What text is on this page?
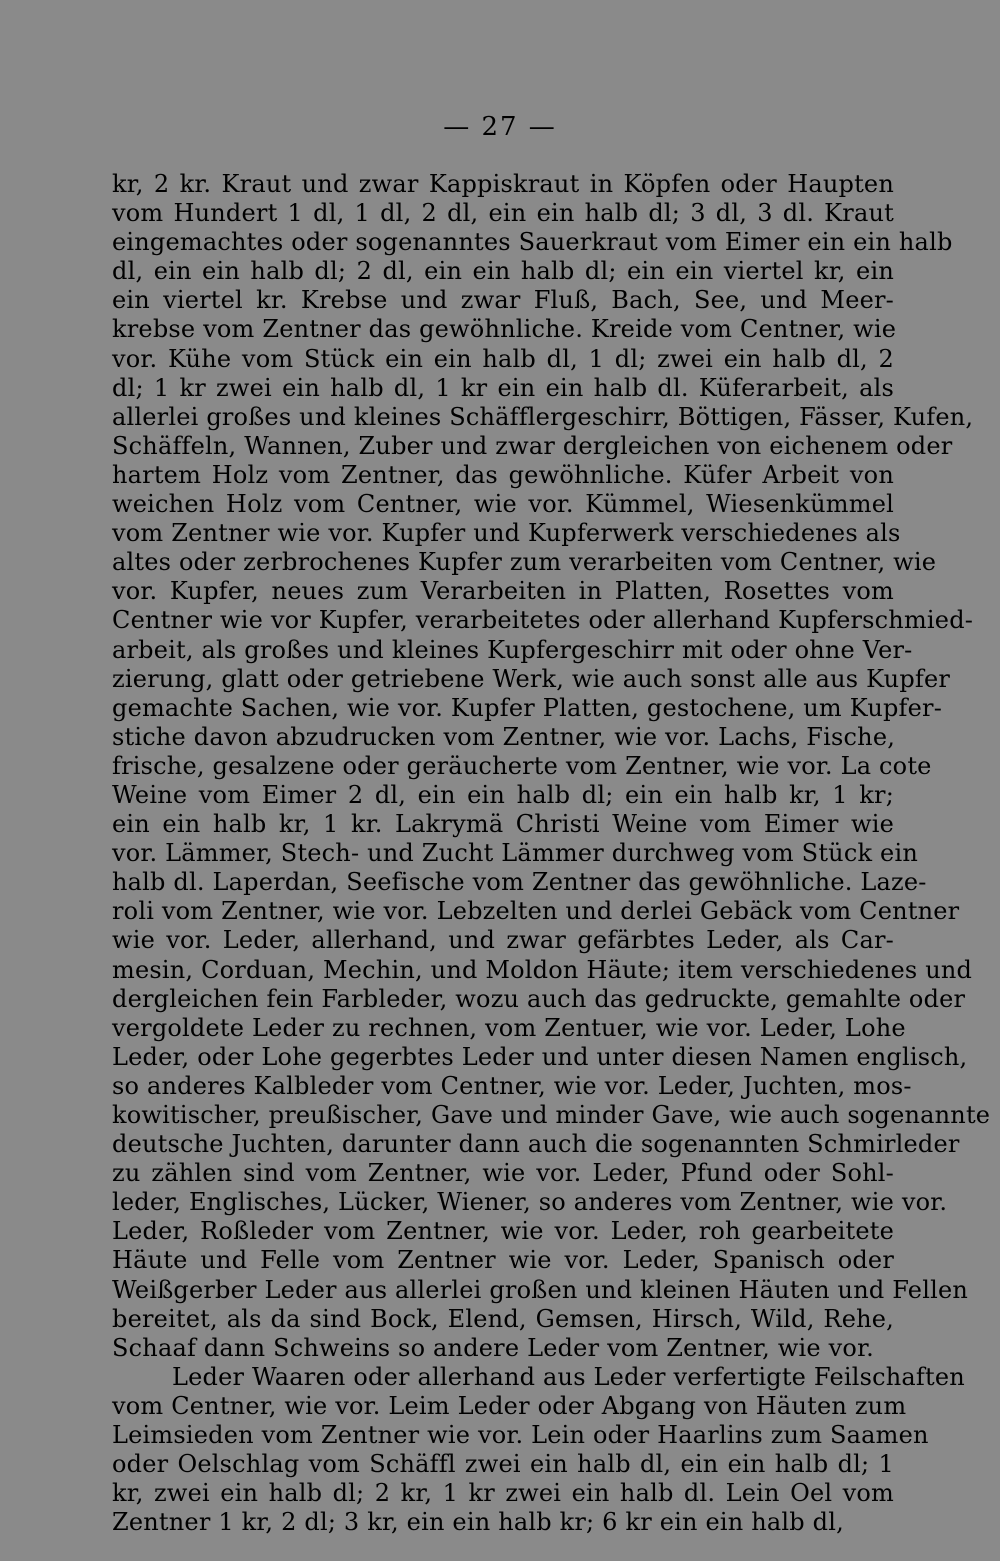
— 27 —
kr, 2 kr. Kraut und zwar Kappiskraut in Köpfen oder Haupten
vom Hundert 1 dl, 1 dl, 2 dl, ein ein halb dl; 3 dl, 3 dl. Kraut
eingemachtes oder sogenanntes Sauerkraut vom Eimer ein ein halb
dl, ein ein halb dl; 2 dl, ein ein halb dl; ein ein viertel kr, ein
ein viertel kr. Krebse und zwar Fluß, Bach, See, und Meer-
krebse vom Zentner das gewöhnliche. Kreide vom Centner, wie
vor. Kühe vom Stück ein ein halb dl, 1 dl; zwei ein halb dl, 2
dl; 1 kr zwei ein halb dl, 1 kr ein ein halb dl. Küferarbeit, als
allerlei großes und kleines Schäfflergeschirr, Böttigen, Fässer, Kufen,
Schäffeln, Wannen, Zuber und zwar dergleichen von eichenem oder
hartem Holz vom Zentner, das gewöhnliche. Küfer Arbeit von
weichen Holz vom Centner, wie vor. Kümmel, Wiesenkümmel
vom Zentner wie vor. Kupfer und Kupferwerk verschiedenes als
altes oder zerbrochenes Kupfer zum verarbeiten vom Centner, wie
vor. Kupfer, neues zum Verarbeiten in Platten, Rosettes vom
Centner wie vor Kupfer, verarbeitetes oder allerhand Kupferschmied-
arbeit, als großes und kleines Kupfergeschirr mit oder ohne Ver-
zierung, glatt oder getriebene Werk, wie auch sonst alle aus Kupfer
gemachte Sachen, wie vor. Kupfer Platten, gestochene, um Kupfer-
stiche davon abzudrucken vom Zentner, wie vor. Lachs, Fische,
frische, gesalzene oder geräucherte vom Zentner, wie vor. La cote
Weine vom Eimer 2 dl, ein ein halb dl; ein ein halb kr, 1 kr;
ein ein halb kr, 1 kr. Lakrymä Christi Weine vom Eimer wie
vor. Lämmer, Stech- und Zucht Lämmer durchweg vom Stück ein
halb dl. Laperdan, Seefische vom Zentner das gewöhnliche. Laze-
roli vom Zentner, wie vor. Lebzelten und derlei Gebäck vom Centner
wie vor. Leder, allerhand, und zwar gefärbtes Leder, als Car-
mesin, Corduan, Mechin, und Moldon Häute; item verschiedenes und
dergleichen fein Farbleder, wozu auch das gedruckte, gemahlte oder
vergoldete Leder zu rechnen, vom Zentuer, wie vor. Leder, Lohe
Leder, oder Lohe gegerbtes Leder und unter diesen Namen englisch,
so anderes Kalbleder vom Centner, wie vor. Leder, Juchten, mos-
kowitischer, preußischer, Gave und minder Gave, wie auch sogenannte
deutsche Juchten, darunter dann auch die sogenannten Schmirleder
zu zählen sind vom Zentner, wie vor. Leder, Pfund oder Sohl-
leder, Englisches, Lücker, Wiener, so anderes vom Zentner, wie vor.
Leder, Roßleder vom Zentner, wie vor. Leder, roh gearbeitete
Häute und Felle vom Zentner wie vor. Leder, Spanisch oder
Weißgerber Leder aus allerlei großen und kleinen Häuten und Fellen
bereitet, als da sind Bock, Elend, Gemsen, Hirsch, Wild, Rehe,
Schaaf dann Schweins so andere Leder vom Zentner, wie vor.
Leder Waaren oder allerhand aus Leder verfertigte Feilschaften
vom Centner, wie vor. Leim Leder oder Abgang von Häuten zum
Leimsieden vom Zentner wie vor. Lein oder Haarlins zum Saamen
oder Oelschlag vom Schäffl zwei ein halb dl, ein ein halb dl; 1
kr, zwei ein halb dl; 2 kr, 1 kr zwei ein halb dl. Lein Oel vom
Zentner 1 kr, 2 dl; 3 kr, ein ein halb kr; 6 kr ein ein halb dl,
